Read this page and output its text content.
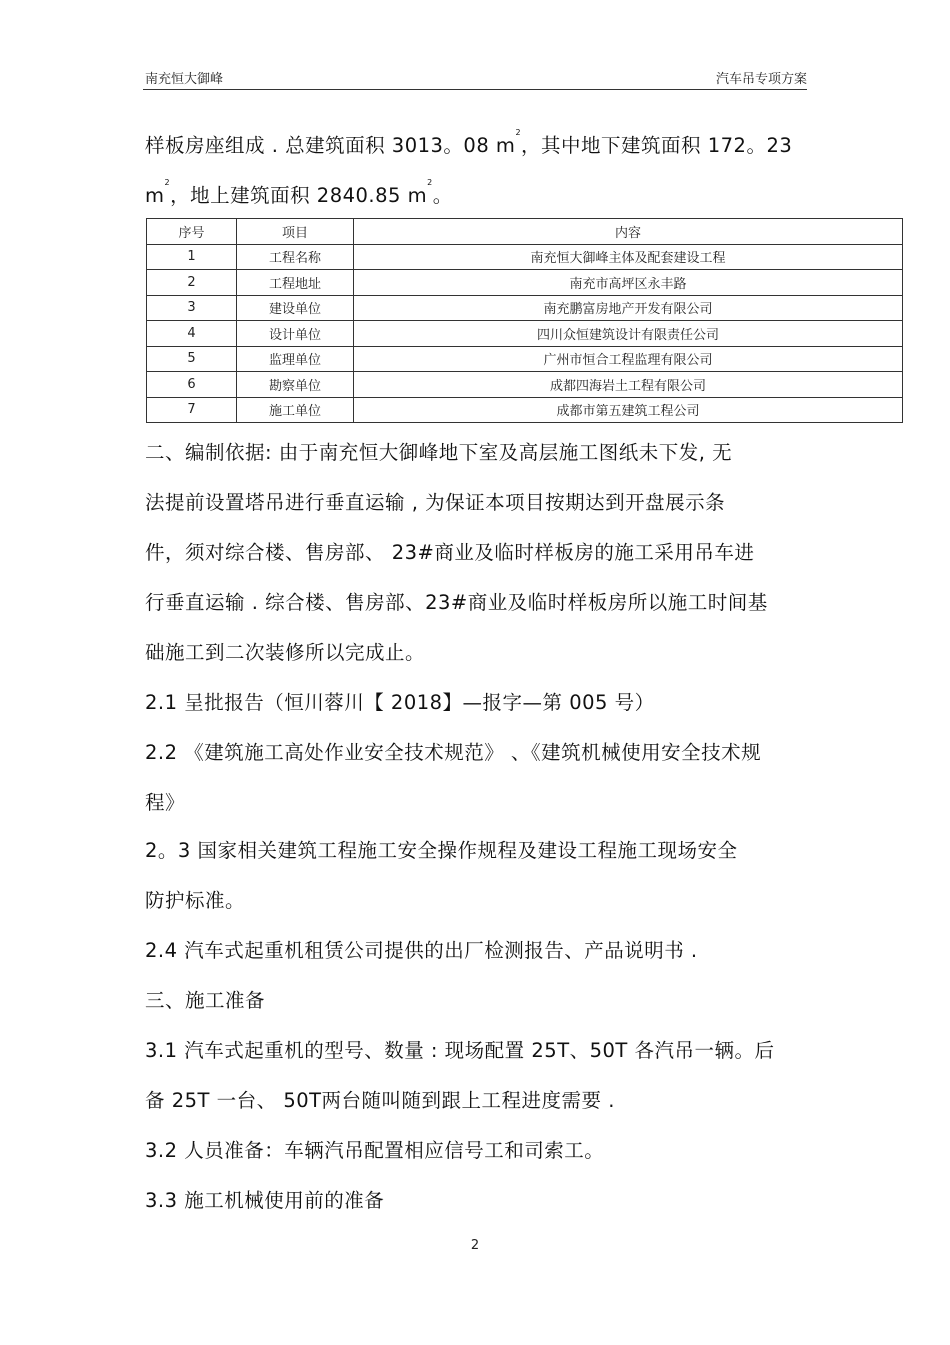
南充恒大御峰	汽车吊专项方案
样板房座组成 . 总建筑面积 3013。08 $m^2$，其中地下建筑面积 172。23
$m^2$，地上建筑面积 2840.85 $m^2$。
序号	项目	内容
1	工程名称	南充恒大御峰主体及配套建设工程
2	工程地址	南充市高坪区永丰路
3	建设单位	南充鹏富房地产开发有限公司
4	设计单位	四川众恒建筑设计有限责任公司
5	监理单位	广州市恒合工程监理有限公司
6	勘察单位	成都四海岩土工程有限公司
7	施工单位	成都市第五建筑工程公司
二、编制依据: 由于南充恒大御峰地下室及高层施工图纸未下发, 无
法提前设置塔吊进行垂直运输 , 为保证本项目按期达到开盘展示条
件，须对综合楼、售房部、 23#商业及临时样板房的施工采用吊车进
行垂直运输 . 综合楼、售房部、23#商业及临时样板房所以施工时间基
础施工到二次装修所以完成止。
2.1 呈批报告（恒川蓉川【 2018】—报字—第 005 号）
2.2 《建筑施工高处作业安全技术规范》 、《建筑机械使用安全技术规
程》
2。3 国家相关建筑工程施工安全操作规程及建设工程施工现场安全
防护标准。
2.4 汽车式起重机租赁公司提供的出厂检测报告、产品说明书 .
三、施工准备
3.1 汽车式起重机的型号、数量 : 现场配置 25T、50T 各汽吊一辆。后
备 25T 一台、 50T两台随叫随到跟上工程进度需要 .
3.2 人员准备：车辆汽吊配置相应信号工和司索工。
3.3 施工机械使用前的准备
2
